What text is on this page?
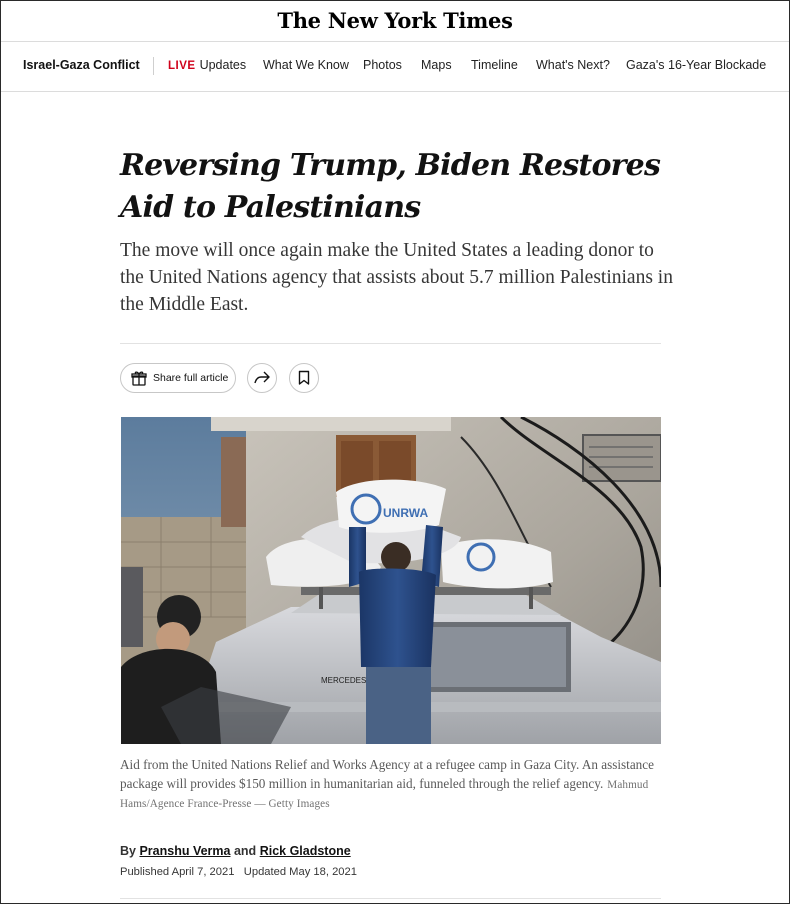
The New York Times
Israel-Gaza Conflict LIVE Updates What We Know Photos Maps Timeline What's Next? Gaza's 16-Year Blockade
Reversing Trump, Biden Restores Aid to Palestinians

The move will once again make the United States a leading donor to the United Nations agency that assists about 5.7 million Palestinians in the Middle East.

Share full article
UNRWA
MERCEDES

Aid from the United Nations Relief and Works Agency at a refugee camp in Gaza City. An assistance package will provides $150 million in humanitarian aid, funneled through the relief agency. Mahmud Hams/Agence France-Presse — Getty Images

By Pranshu Verma and Rick Gladstone
Published April 7, 2021 Updated May 18, 2021
